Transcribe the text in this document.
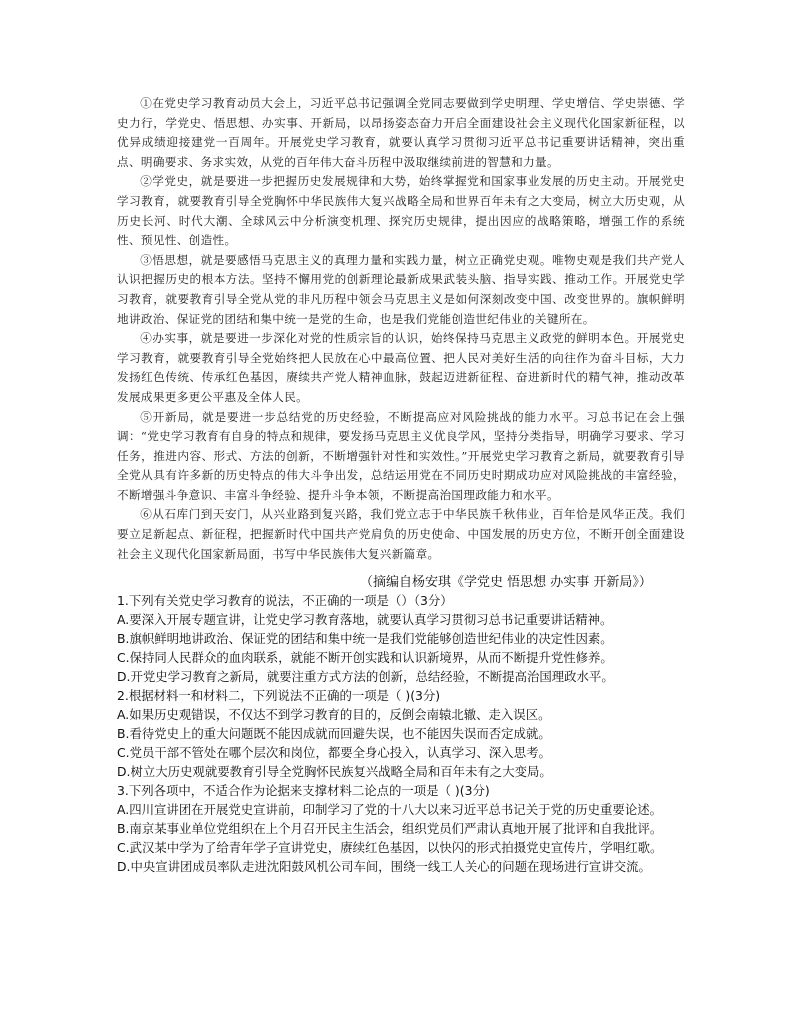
①在党史学习教育动员大会上，习近平总书记强调全党同志要做到学史明理、学史增信、学史崇德、学史力行，学党史、悟思想、办实事、开新局，以昂扬姿态奋力开启全面建设社会主义现代化国家新征程，以优异成绩迎接建党一百周年。开展党史学习教育，就要认真学习贯彻习近平总书记重要讲话精神，突出重点、明确要求、务求实效，从党的百年伟大奋斗历程中汲取继续前进的智慧和力量。

②学党史，就是要进一步把握历史发展规律和大势，始终掌握党和国家事业发展的历史主动。开展党史学习教育，就要教育引导全党胸怀中华民族伟大复兴战略全局和世界百年未有之大变局，树立大历史观，从历史长河、时代大潮、全球风云中分析演变机理、探究历史规律，提出因应的战略策略，增强工作的系统性、预见性、创造性。

③悟思想，就是要感悟马克思主义的真理力量和实践力量，树立正确党史观。唯物史观是我们共产党人认识把握历史的根本方法。坚持不懈用党的创新理论最新成果武装头脑、指导实践、推动工作。开展党史学习教育，就要教育引导全党从党的非凡历程中领会马克思主义是如何深刻改变中国、改变世界的。旗帜鲜明地讲政治、保证党的团结和集中统一是党的生命，也是我们党能创造世纪伟业的关键所在。

④办实事，就是要进一步深化对党的性质宗旨的认识，始终保持马克思主义政党的鲜明本色。开展党史学习教育，就要教育引导全党始终把人民放在心中最高位置、把人民对美好生活的向往作为奋斗目标，大力发扬红色传统、传承红色基因，赓续共产党人精神血脉，鼓起迈进新征程、奋进新时代的精气神，推动改革发展成果更多更公平惠及全体人民。

⑤开新局，就是要进一步总结党的历史经验，不断提高应对风险挑战的能力水平。习总书记在会上强调：“党史学习教育有自身的特点和规律，要发扬马克思主义优良学风，坚持分类指导，明确学习要求、学习任务，推进内容、形式、方法的创新，不断增强针对性和实效性。”开展党史学习教育之新局，就要教育引导全党从具有许多新的历史特点的伟大斗争出发，总结运用党在不同历史时期成功应对风险挑战的丰富经验，不断增强斗争意识、丰富斗争经验、提升斗争本领，不断提高治国理政能力和水平。

⑥从石库门到天安门，从兴业路到复兴路，我们党立志于中华民族千秋伟业，百年恰是风华正茂。我们要立足新起点、新征程，把握新时代中国共产党肩负的历史使命、中国发展的历史方位，不断开创全面建设社会主义现代化国家新局面，书写中华民族伟大复兴新篇章。

（摘编自杨安琪《学党史 悟思想 办实事 开新局》）

1.下列有关党史学习教育的说法，不正确的一项是（）（3分）

A.要深入开展专题宣讲，让党史学习教育落地，就要认真学习贯彻习总书记重要讲话精神。

B.旗帜鲜明地讲政治、保证党的团结和集中统一是我们党能够创造世纪伟业的决定性因素。

C.保持同人民群众的血肉联系，就能不断开创实践和认识新境界，从而不断提升党性修养。

D.开党史学习教育之新局，就要注重方式方法的创新，总结经验，不断提高治国理政水平。

2.根据材料一和材料二，下列说法不正确的一项是（ )(3分)

A.如果历史观错误，不仅达不到学习教育的目的，反倒会南辕北辙、走入误区。

B.看待党史上的重大问题既不能因成就而回避失误，也不能因失误而否定成就。

C.党员干部不管处在哪个层次和岗位，都要全身心投入，认真学习、深入思考。

D.树立大历史观就要教育引导全党胸怀民族复兴战略全局和百年未有之大变局。

3.下列各项中，不适合作为论据来支撑材料二论点的一项是（ )(3分)

A.四川宣讲团在开展党史宣讲前，印制学习了党的十八大以来习近平总书记关于党的历史重要论述。

B.南京某事业单位党组织在上个月召开民主生活会，组织党员们严肃认真地开展了批评和自我批评。

C.武汉某中学为了给青年学子宣讲党史，赓续红色基因，以快闪的形式拍摄党史宣传片，学唱红歌。

D.中央宣讲团成员率队走进沈阳鼓风机公司车间，围绕一线工人关心的问题在现场进行宣讲交流。
